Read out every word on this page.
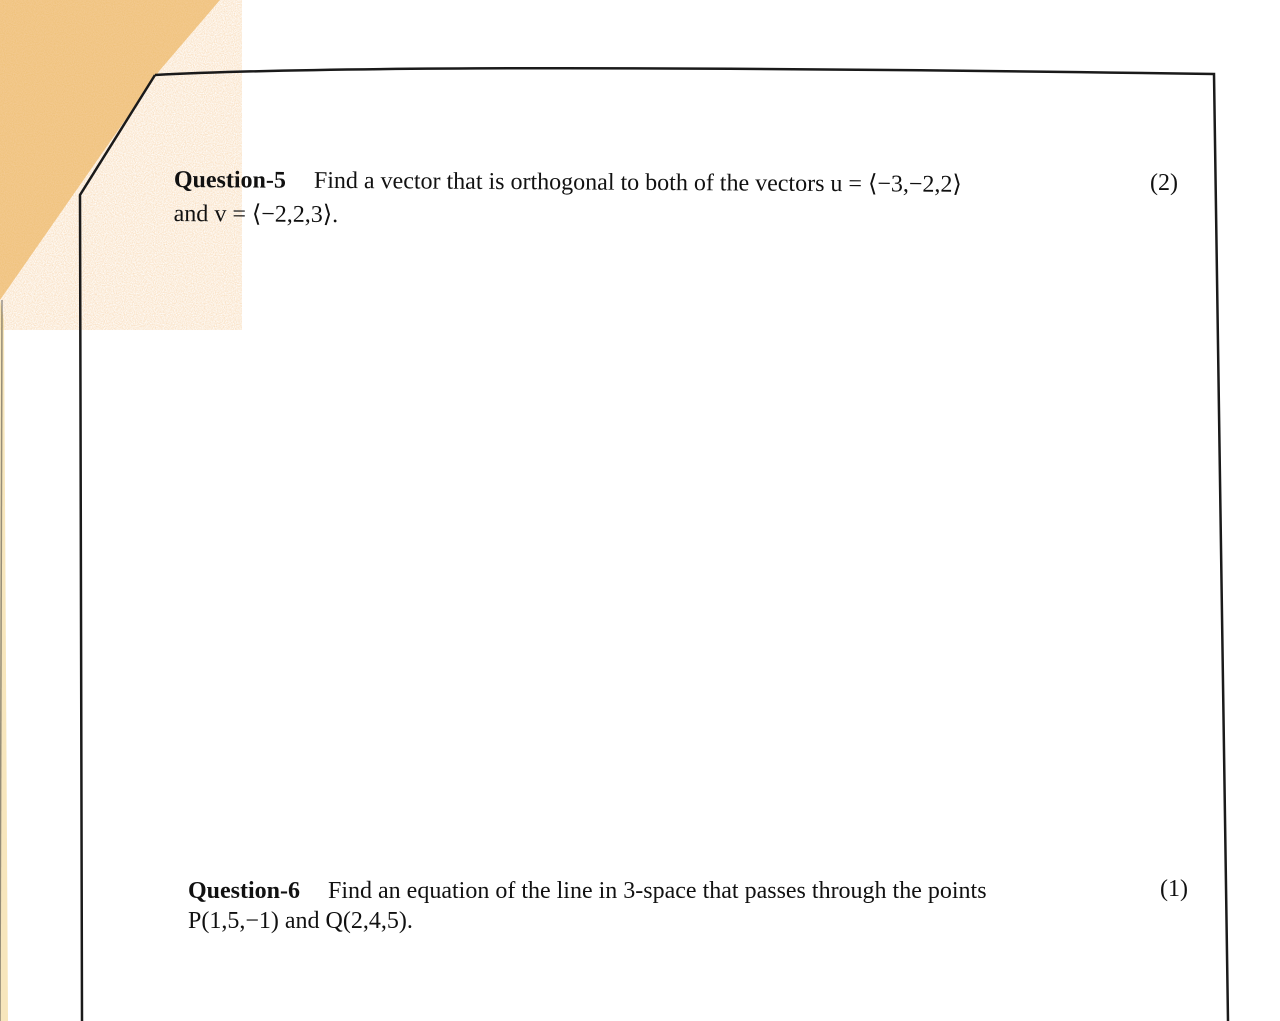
Question-5 Find a vector that is orthogonal to both of the vectors u = ⟨−3,−2,2⟩
and v = ⟨−2,2,3⟩.
(2)
Question-6 Find an equation of the line in 3-space that passes through the points
P(1,5,−1) and Q(2,4,5).
(1)
